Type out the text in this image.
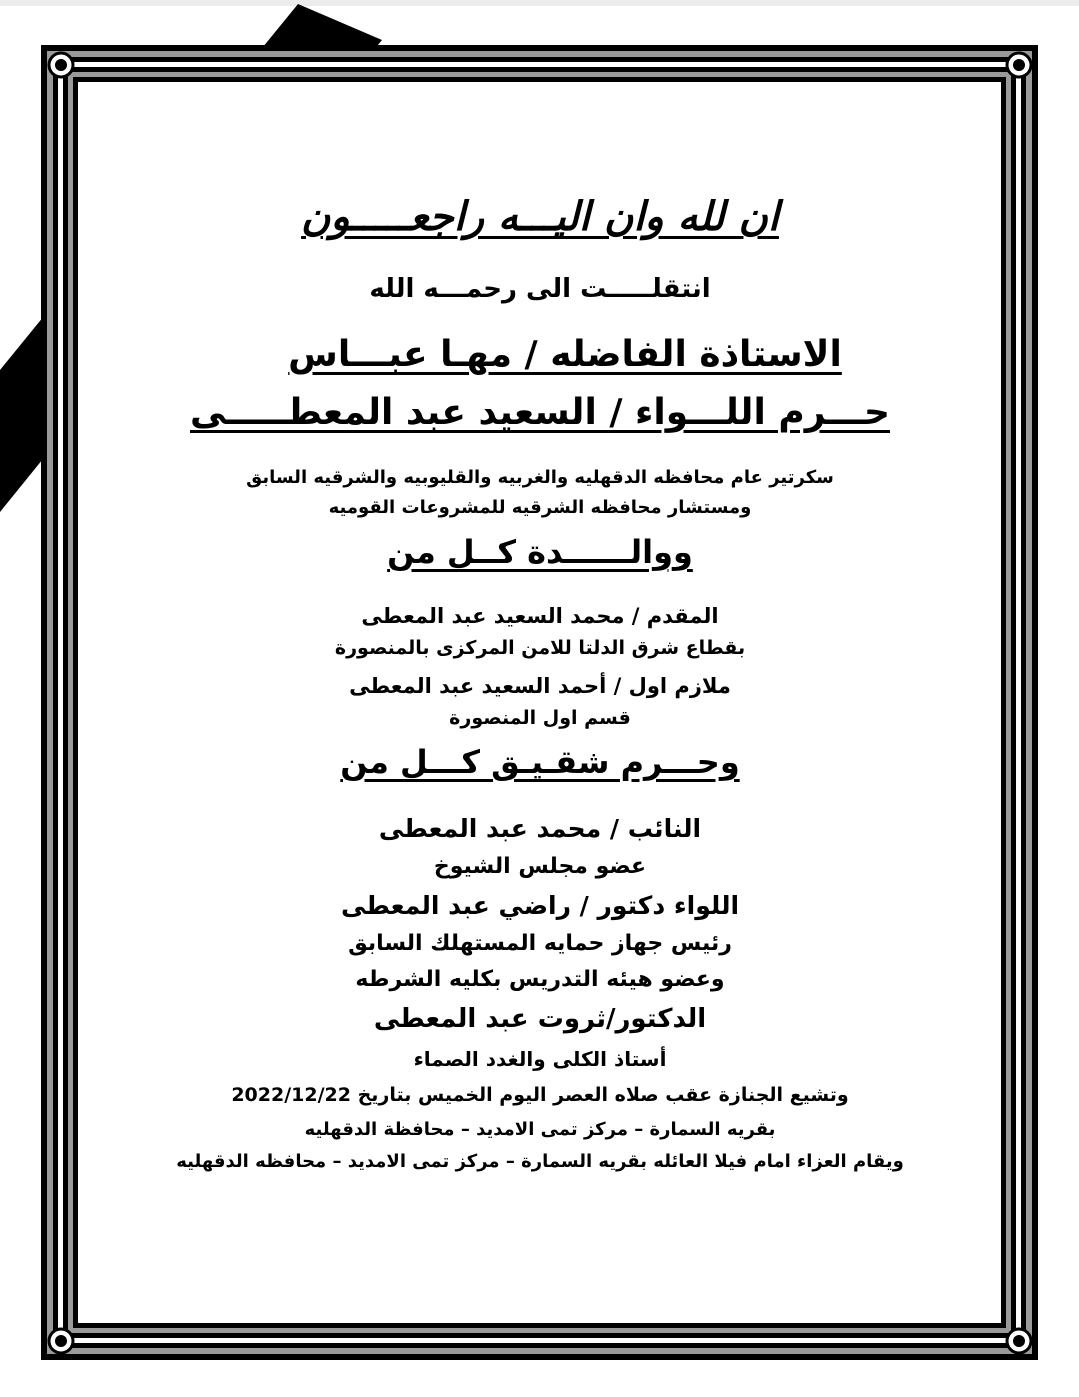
ان لله وان اليـــه راجعـــــون
انتقلـــــت الى رحمـــه الله
الاستاذة الفاضله / مهـا عبـــاس
حـــرم اللـــواء / السعيد عبد المعطـــــى
سكرتير عام محافظه الدقهليه والغربيه والقليوبيه والشرقيه السابق
ومستشار محافظه الشرقيه للمشروعات القوميه
ووالــــــدة كــل من
المقدم / محمد السعيد عبد المعطى
بقطاع شرق الدلتا للامن المركزى بالمنصورة
ملازم اول / أحمد السعيد عبد المعطى
قسم اول المنصورة
وحـــرم شقـيـق كـــل من
النائب / محمد عبد المعطى
عضو مجلس الشيوخ
اللواء دكتور / راضي عبد المعطى
رئيس جهاز حمايه المستهلك السابق
وعضو هيئه التدريس بكليه الشرطه
الدكتور/ثروت عبد المعطى
أستاذ الكلى والغدد الصماء
وتشيع الجنازة عقب صلاه العصر اليوم الخميس بتاريخ 2022/12/22
بقريه السمارة – مركز تمى الامديد – محافظة الدقهليه
ويقام العزاء امام فيلا العائله بقريه السمارة – مركز تمى الامديد – محافظه الدقهليه
